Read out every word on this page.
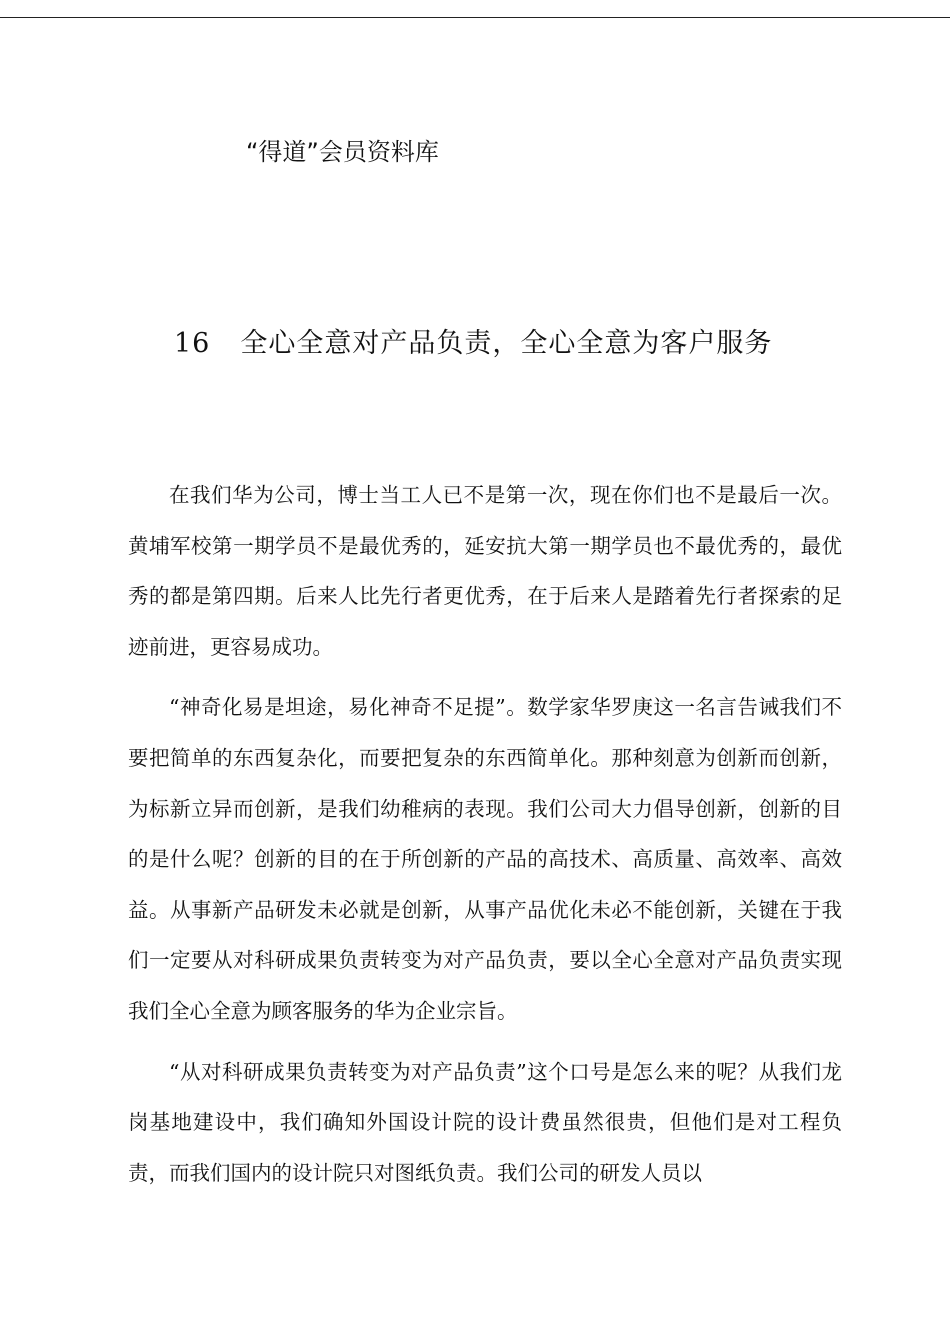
“得道”会员资料库
16 全心全意对产品负责，全心全意为客户服务

在我们华为公司，博士当工人已不是第一次，现在你们也不是最后一次。黄埔军校第一期学员不是最优秀的，延安抗大第一期学员也不最优秀的，最优秀的都是第四期。后来人比先行者更优秀，在于后来人是踏着先行者探索的足迹前进，更容易成功。

“神奇化易是坦途，易化神奇不足提”。数学家华罗庚这一名言告诫我们不要把简单的东西复杂化，而要把复杂的东西简单化。那种刻意为创新而创新，为标新立异而创新，是我们幼稚病的表现。我们公司大力倡导创新，创新的目的是什么呢？创新的目的在于所创新的产品的高技术、高质量、高效率、高效益。从事新产品研发未必就是创新，从事产品优化未必不能创新，关键在于我们一定要从对科研成果负责转变为对产品负责，要以全心全意对产品负责实现我们全心全意为顾客服务的华为企业宗旨。

“从对科研成果负责转变为对产品负责”这个口号是怎么来的呢？从我们龙岗基地建设中，我们确知外国设计院的设计费虽然很贵，但他们是对工程负责，而我们国内的设计院只对图纸负责。我们公司的研发人员以
